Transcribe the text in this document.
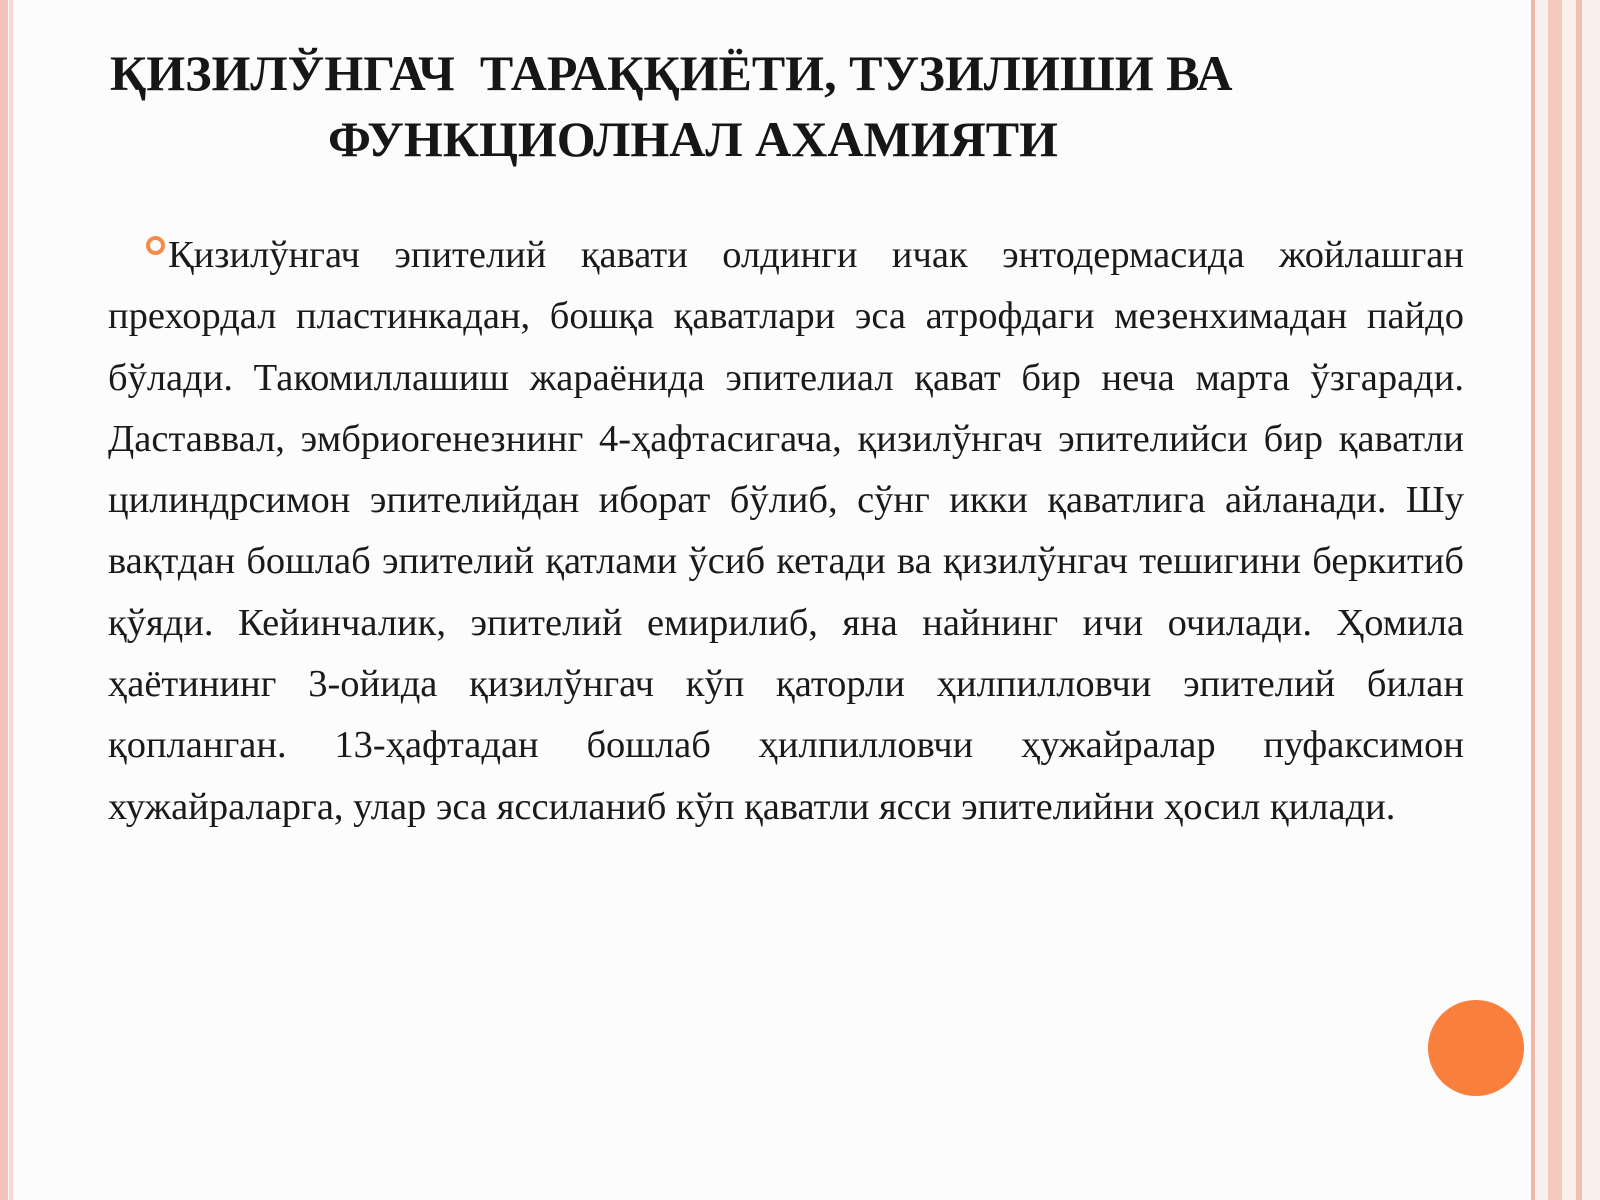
ҚИЗИЛЎНГАЧ  ТАРАҚҚИЁТИ, ТУЗИЛИШИ ВА
ФУНКЦИОЛНАЛ АХАМИЯТИ

Қизилўнгач эпителий қавати олдинги ичак энтодермасида жойлашган прехордал пластинкадан, бошқа қаватлари эса атрофдаги мезенхимадан пайдо бўлади. Такомиллашиш жараёнида эпителиал қават бир неча марта ўзгаради. Даставвал, эмбриогенезнинг 4-ҳафтасигача, қизилўнгач эпителийси бир қаватли цилиндрсимон эпителийдан иборат бўлиб, сўнг икки қаватлига айланади. Шу вақтдан бошлаб эпителий қатлами ўсиб кетади ва қизилўнгач тешигини беркитиб қўяди. Кейинчалик, эпителий емирилиб, яна найнинг ичи очилади. Ҳомила ҳаётининг 3-ойида қизилўнгач кўп қаторли ҳилпилловчи эпителий билан қопланган. 13-ҳафтадан бошлаб ҳилпилловчи ҳужайралар пуфаксимон хужайраларга, улар эса яссиланиб кўп қаватли ясси эпителийни ҳосил қилади.
